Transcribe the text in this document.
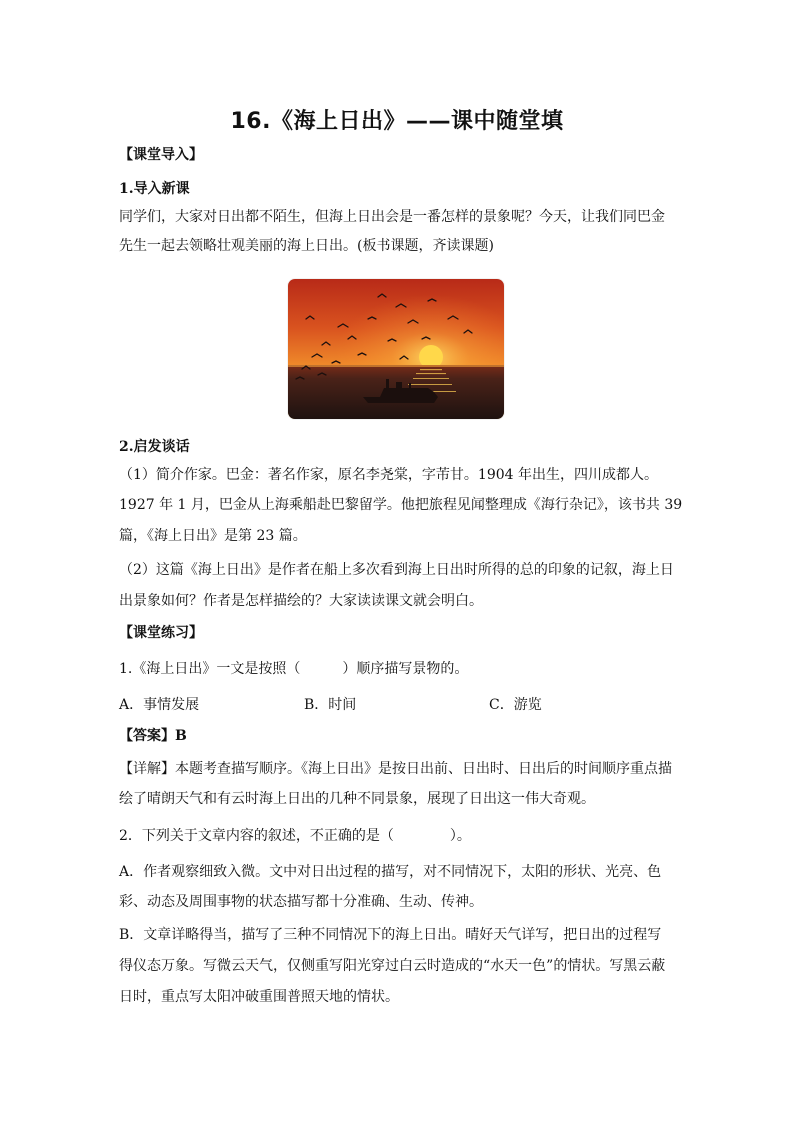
16.《海上日出》——课中随堂填
【课堂导入】
1.导入新课
同学们，大家对日出都不陌生，但海上日出会是一番怎样的景象呢？今天，让我们同巴金
先生一起去领略壮观美丽的海上日出。(板书课题，齐读课题)
2.启发谈话
（1）简介作家。巴金：著名作家，原名李尧棠，字芾甘。1904 年出生，四川成都人。
1927 年 1 月，巴金从上海乘船赴巴黎留学。他把旅程见闻整理成《海行杂记》，该书共 39
篇，《海上日出》是第 23 篇。
（2）这篇《海上日出》是作者在船上多次看到海上日出时所得的总的印象的记叙，海上日
出景象如何？作者是怎样描绘的？大家读读课文就会明白。
【课堂练习】
1.《海上日出》一文是按照（　　　）顺序描写景物的。
A．事情发展	B．时间	C．游览
【答案】B
【详解】本题考查描写顺序。《海上日出》是按日出前、日出时、日出后的时间顺序重点描
绘了晴朗天气和有云时海上日出的几种不同景象，展现了日出这一伟大奇观。
2．下列关于文章内容的叙述，不正确的是（　　　　）。
A．作者观察细致入微。文中对日出过程的描写，对不同情况下，太阳的形状、光亮、色
彩、动态及周围事物的状态描写都十分准确、生动、传神。
B．文章详略得当，描写了三种不同情况下的海上日出。晴好天气详写，把日出的过程写
得仪态万象。写微云天气，仅侧重写阳光穿过白云时造成的“水天一色”的情状。写黑云蔽
日时，重点写太阳冲破重围普照天地的情状。
